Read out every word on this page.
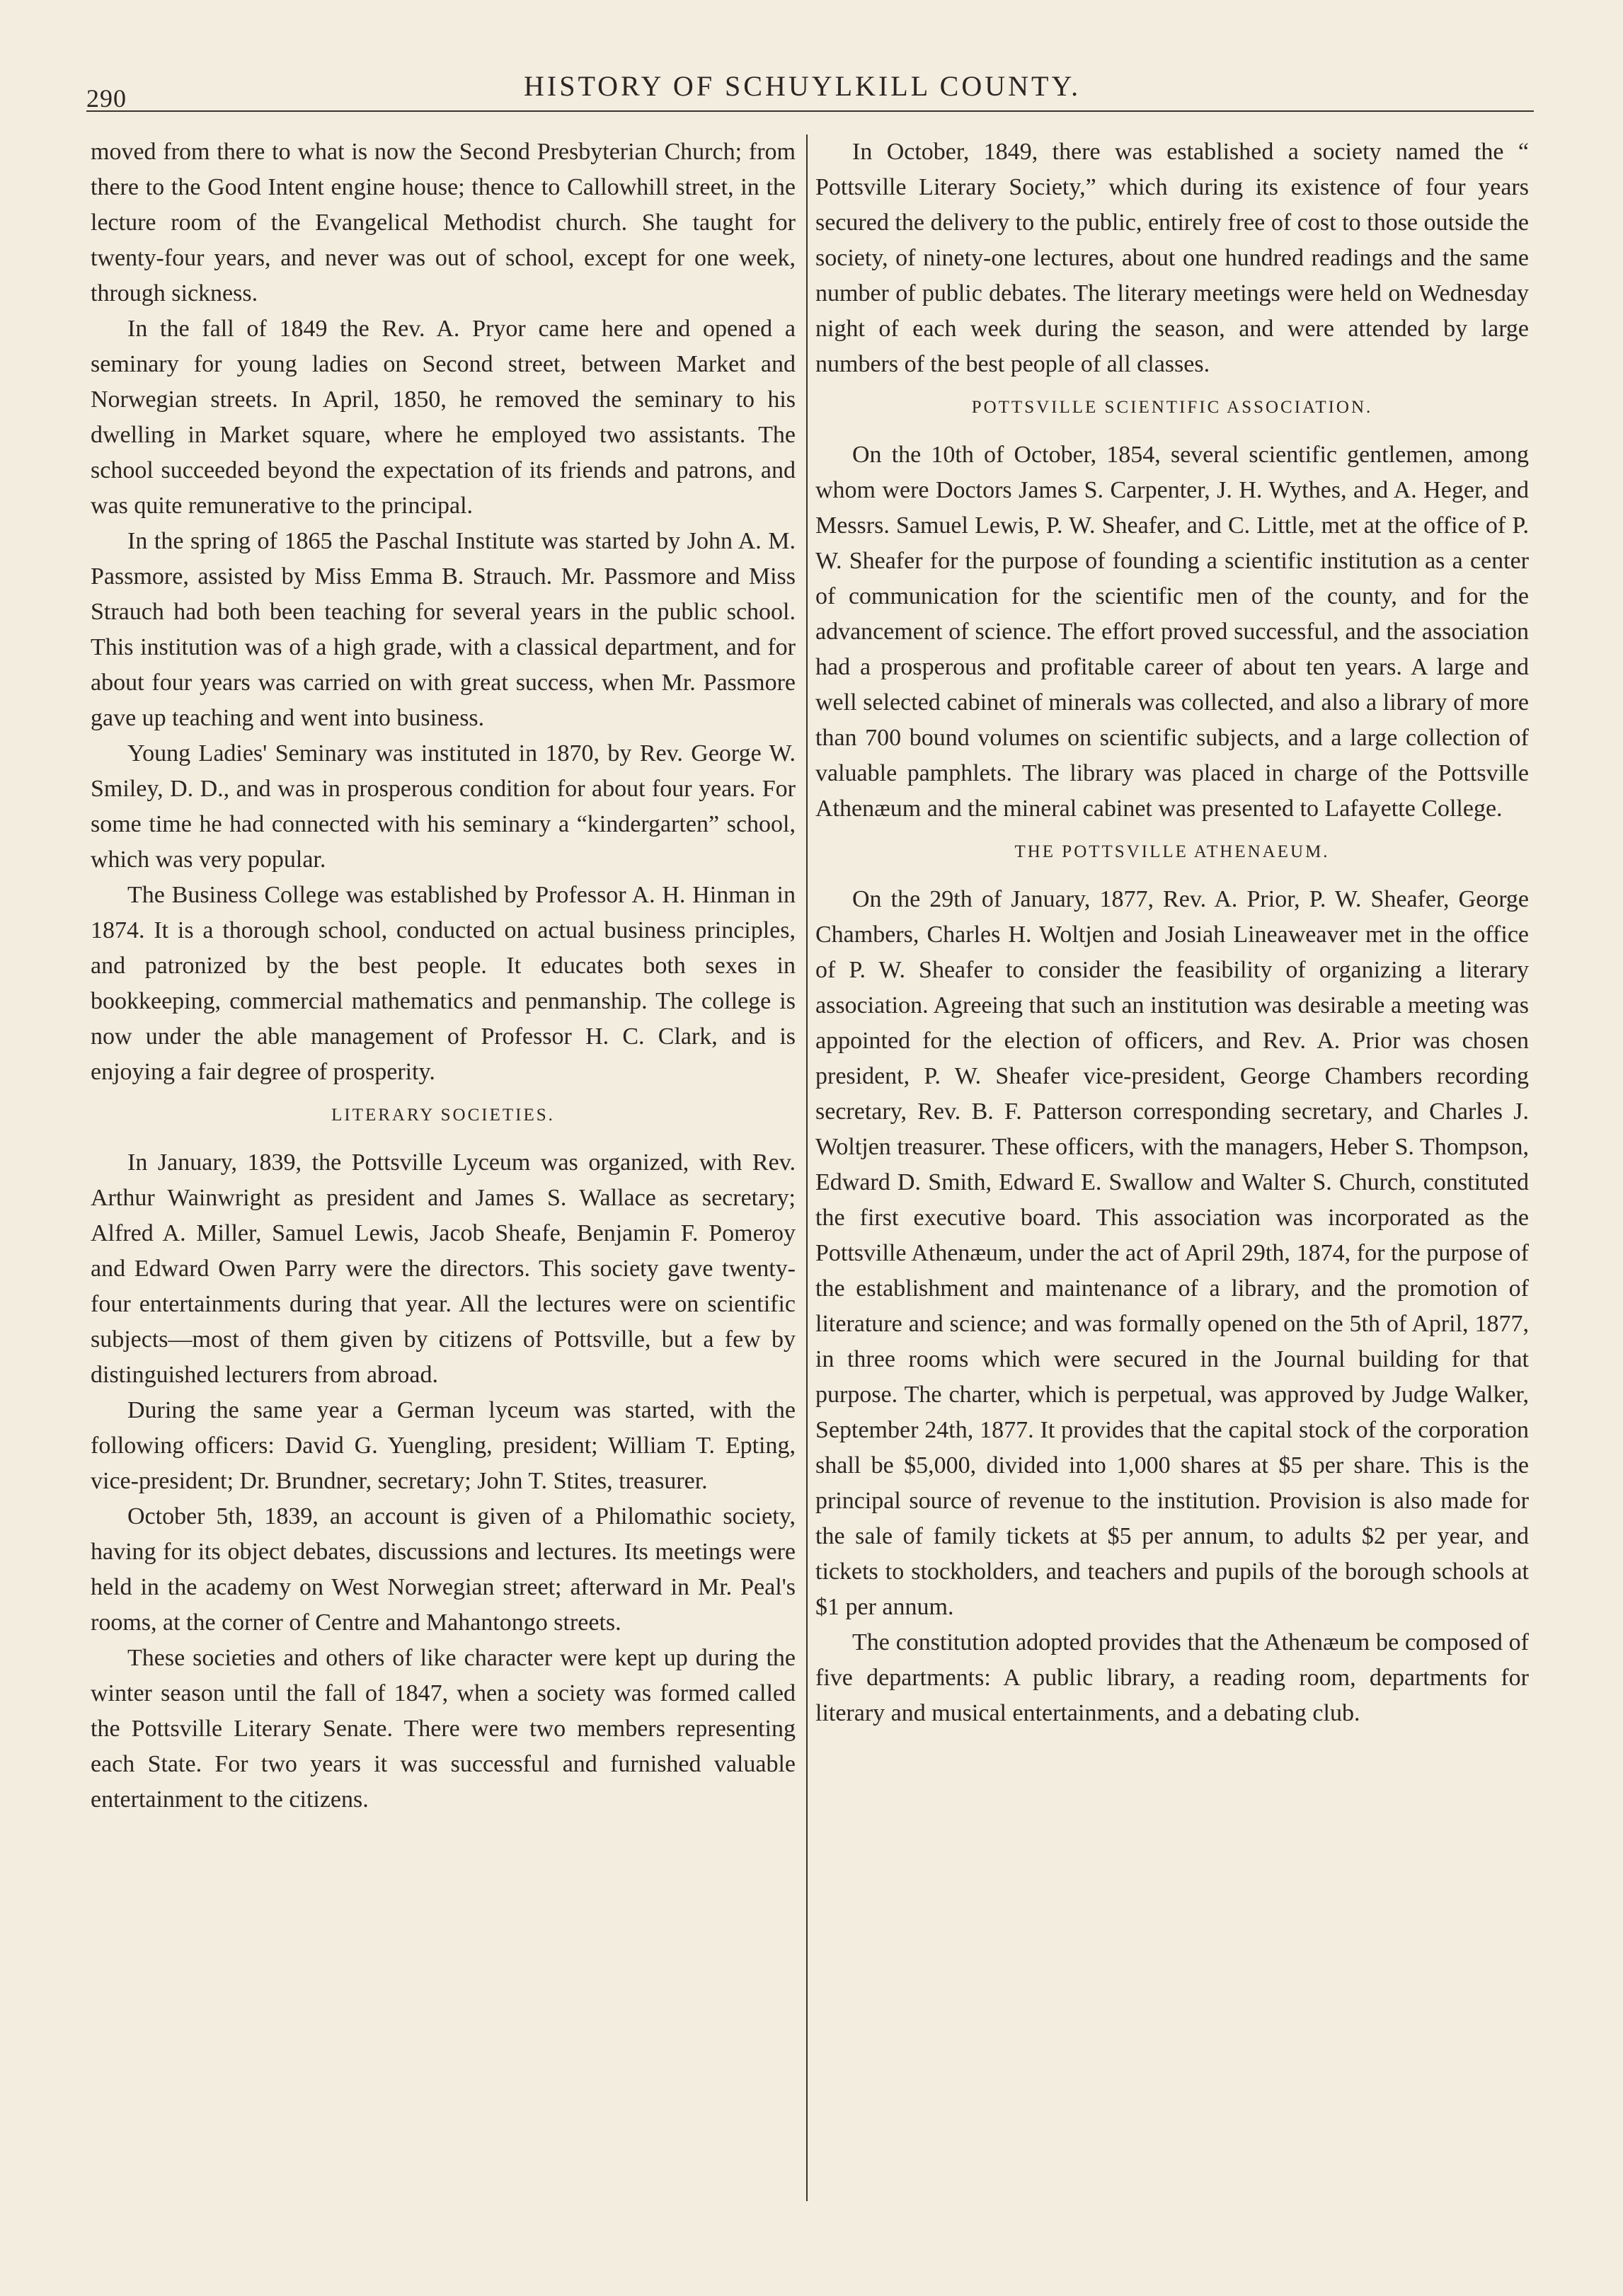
290	HISTORY OF SCHUYLKILL COUNTY.

moved from there to what is now the Second Presbyterian Church; from there to the Good Intent engine house; thence to Callowhill street, in the lecture room of the Evangelical Methodist church. She taught for twenty-four years, and never was out of school, except for one week, through sickness.

In the fall of 1849 the Rev. A. Pryor came here and opened a seminary for young ladies on Second street, between Market and Norwegian streets. In April, 1850, he removed the seminary to his dwelling in Market square, where he employed two assistants. The school succeeded beyond the expectation of its friends and patrons, and was quite remunerative to the principal.

In the spring of 1865 the Paschal Institute was started by John A. M. Passmore, assisted by Miss Emma B. Strauch. Mr. Passmore and Miss Strauch had both been teaching for several years in the public school. This institution was of a high grade, with a classical department, and for about four years was carried on with great success, when Mr. Passmore gave up teaching and went into business.

Young Ladies' Seminary was instituted in 1870, by Rev. George W. Smiley, D. D., and was in prosperous condition for about four years. For some time he had connected with his seminary a “kindergarten” school, which was very popular.

The Business College was established by Professor A. H. Hinman in 1874. It is a thorough school, conducted on actual business principles, and patronized by the best people. It educates both sexes in bookkeeping, commercial mathematics and penmanship. The college is now under the able management of Professor H. C. Clark, and is enjoying a fair degree of prosperity.

LITERARY SOCIETIES.

In January, 1839, the Pottsville Lyceum was organized, with Rev. Arthur Wainwright as president and James S. Wallace as secretary; Alfred A. Miller, Samuel Lewis, Jacob Sheafe, Benjamin F. Pomeroy and Edward Owen Parry were the directors. This society gave twenty-four entertainments during that year. All the lectures were on scientific subjects—most of them given by citizens of Pottsville, but a few by distinguished lecturers from abroad.

During the same year a German lyceum was started, with the following officers: David G. Yuengling, president; William T. Epting, vice-president; Dr. Brundner, secretary; John T. Stites, treasurer.

October 5th, 1839, an account is given of a Philomathic society, having for its object debates, discussions and lectures. Its meetings were held in the academy on West Norwegian street; afterward in Mr. Peal's rooms, at the corner of Centre and Mahantongo streets.

These societies and others of like character were kept up during the winter season until the fall of 1847, when a society was formed called the Pottsville Literary Senate. There were two members representing each State. For two years it was successful and furnished valuable entertainment to the citizens.

In October, 1849, there was established a society named the “ Pottsville Literary Society,” which during its existence of four years secured the delivery to the public, entirely free of cost to those outside the society, of ninety-one lectures, about one hundred readings and the same number of public debates. The literary meetings were held on Wednesday night of each week during the season, and were attended by large numbers of the best people of all classes.

POTTSVILLE SCIENTIFIC ASSOCIATION.

On the 10th of October, 1854, several scientific gentlemen, among whom were Doctors James S. Carpenter, J. H. Wythes, and A. Heger, and Messrs. Samuel Lewis, P. W. Sheafer, and C. Little, met at the office of P. W. Sheafer for the purpose of founding a scientific institution as a center of communication for the scientific men of the county, and for the advancement of science. The effort proved successful, and the association had a prosperous and profitable career of about ten years. A large and well selected cabinet of minerals was collected, and also a library of more than 700 bound volumes on scientific subjects, and a large collection of valuable pamphlets. The library was placed in charge of the Pottsville Athenæum and the mineral cabinet was presented to Lafayette College.

THE POTTSVILLE ATHENAEUM.

On the 29th of January, 1877, Rev. A. Prior, P. W. Sheafer, George Chambers, Charles H. Woltjen and Josiah Lineaweaver met in the office of P. W. Sheafer to consider the feasibility of organizing a literary association. Agreeing that such an institution was desirable a meeting was appointed for the election of officers, and Rev. A. Prior was chosen president, P. W. Sheafer vice-president, George Chambers recording secretary, Rev. B. F. Patterson corresponding secretary, and Charles J. Woltjen treasurer. These officers, with the managers, Heber S. Thompson, Edward D. Smith, Edward E. Swallow and Walter S. Church, constituted the first executive board. This association was incorporated as the Pottsville Athenæum, under the act of April 29th, 1874, for the purpose of the establishment and maintenance of a library, and the promotion of literature and science; and was formally opened on the 5th of April, 1877, in three rooms which were secured in the Journal building for that purpose. The charter, which is perpetual, was approved by Judge Walker, September 24th, 1877. It provides that the capital stock of the corporation shall be $5,000, divided into 1,000 shares at $5 per share. This is the principal source of revenue to the institution. Provision is also made for the sale of family tickets at $5 per annum, to adults $2 per year, and tickets to stockholders, and teachers and pupils of the borough schools at $1 per annum.

The constitution adopted provides that the Athenæum be composed of five departments: A public library, a reading room, departments for literary and musical entertainments, and a debating club.
